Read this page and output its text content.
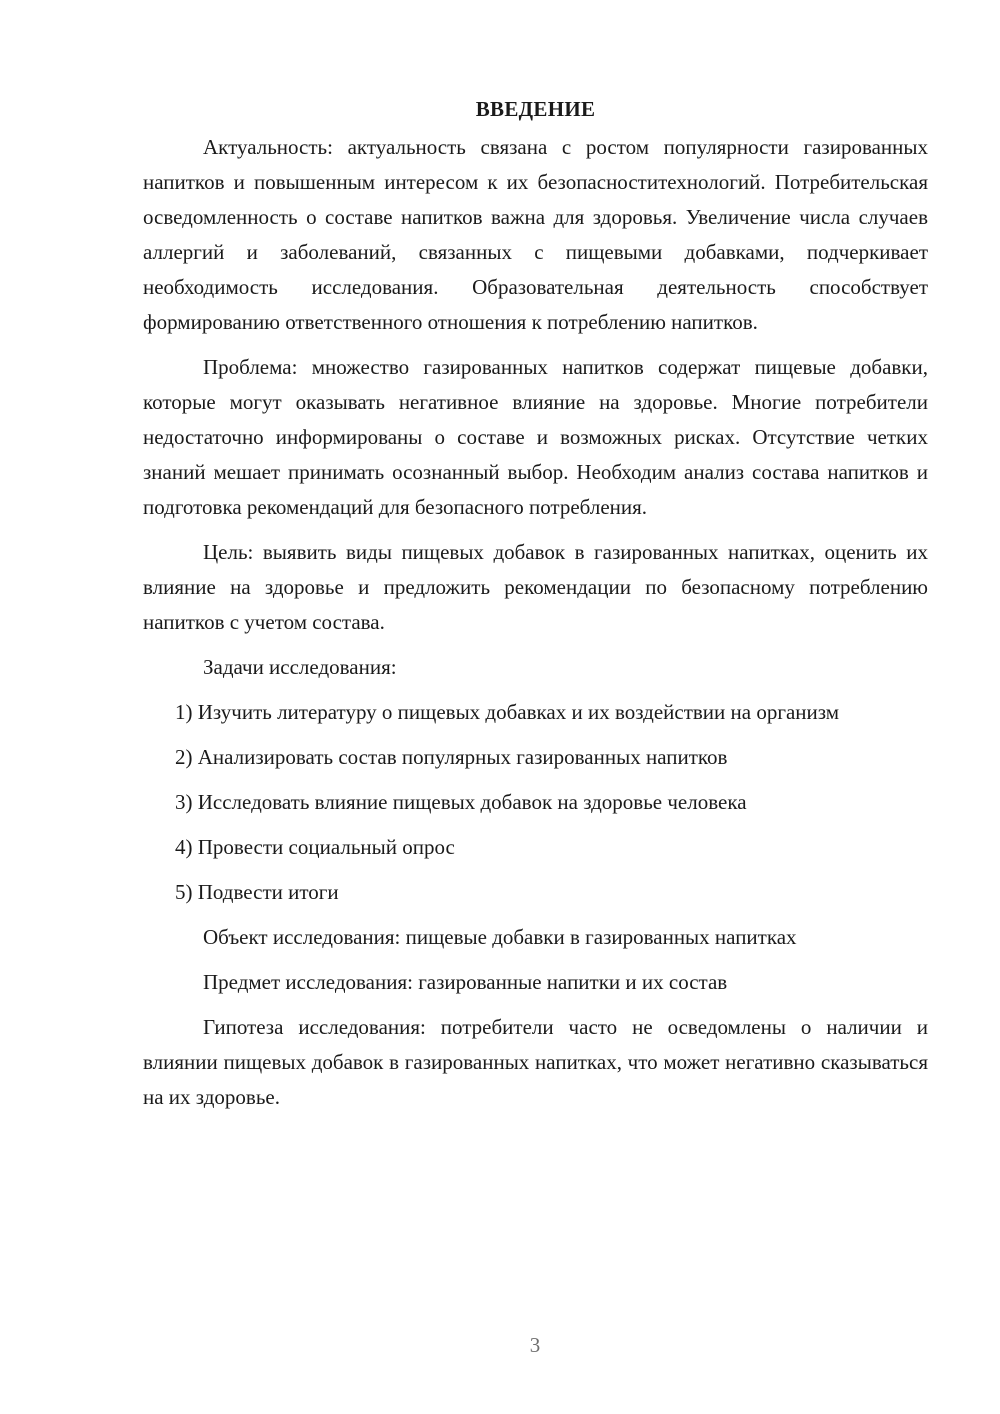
ВВЕДЕНИЕ

Актуальность: актуальность связана с ростом популярности газированных напитков и повышенным интересом к их безопасноститехнологий. Потребительская осведомленность о составе напитков важна для здоровья. Увеличение числа случаев аллергий и заболеваний, связанных с пищевыми добавками, подчеркивает необходимость исследования. Образовательная деятельность способствует формированию ответственного отношения к потреблению напитков.

Проблема: множество газированных напитков содержат пищевые добавки, которые могут оказывать негативное влияние на здоровье. Многие потребители недостаточно информированы о составе и возможных рисках. Отсутствие четких знаний мешает принимать осознанный выбор. Необходим анализ состава напитков и подготовка рекомендаций для безопасного потребления.

Цель: выявить виды пищевых добавок в газированных напитках, оценить их влияние на здоровье и предложить рекомендации по безопасному потреблению напитков с учетом состава.

Задачи исследования:

1) Изучить литературу о пищевых добавках и их воздействии на организм

2) Анализировать состав популярных газированных напитков

3) Исследовать влияние пищевых добавок на здоровье человека

4) Провести социальный опрос

5) Подвести итоги

Объект исследования: пищевые добавки в газированных напитках

Предмет исследования: газированные напитки и их состав

Гипотеза исследования: потребители часто не осведомлены о наличии и влиянии пищевых добавок в газированных напитках, что может негативно сказываться на их здоровье.

3
